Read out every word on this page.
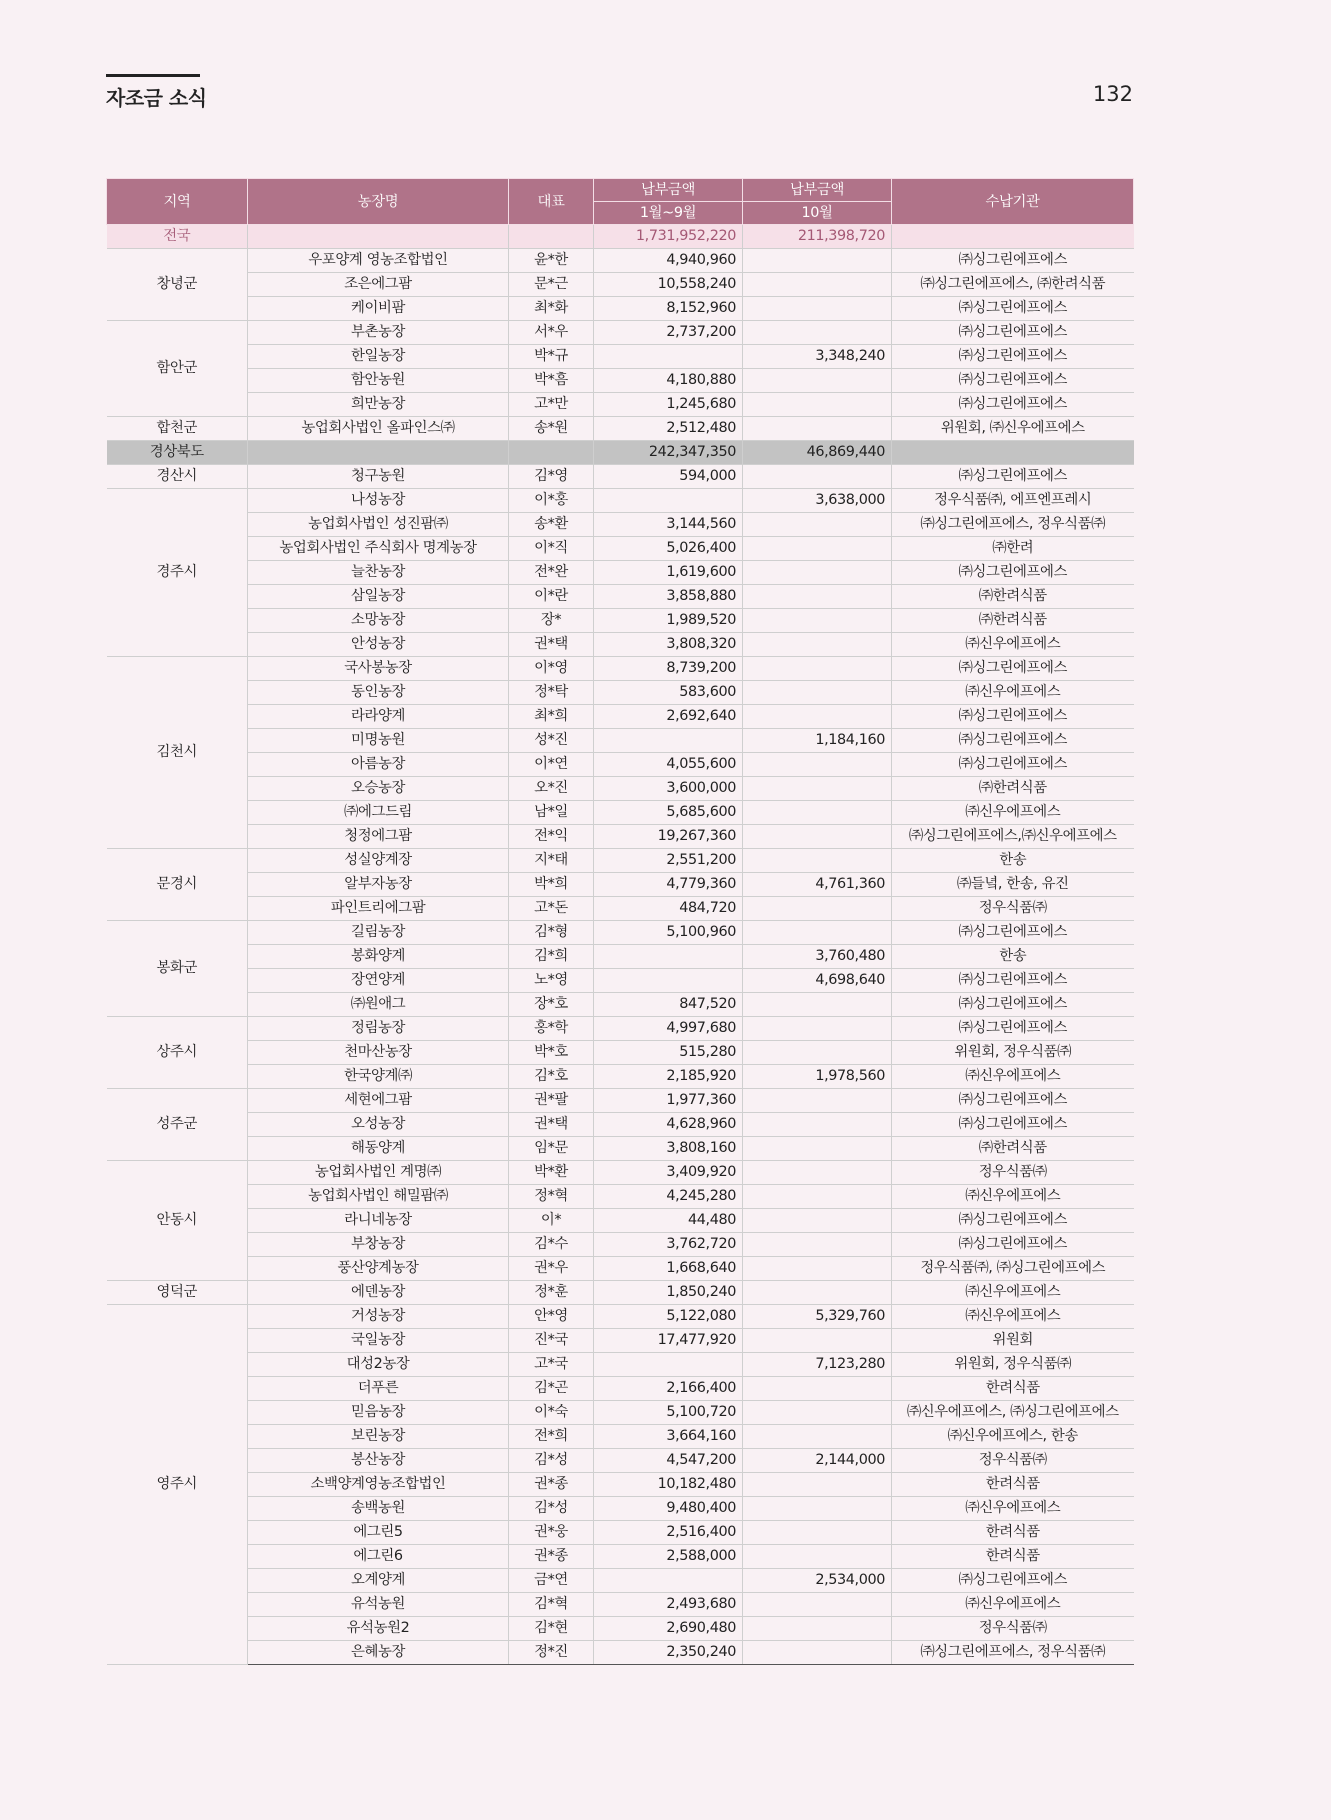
자조금 소식	132
지역	농장명	대표	납부금액	납부금액	수납기관
			1월~9월	10월	
전국			1,731,952,220	211,398,720	
창녕군	우포양계 영농조합법인	윤*한	4,940,960		㈜싱그린에프에스
	조은에그팜	문*근	10,558,240		㈜싱그린에프에스, ㈜한려식품
	케이비팜	최*화	8,152,960		㈜싱그린에프에스
함안군	부촌농장	서*우	2,737,200		㈜싱그린에프에스
	한일농장	박*규		3,348,240	㈜싱그린에프에스
	함안농원	박*흠	4,180,880		㈜싱그린에프에스
	희만농장	고*만	1,245,680		㈜싱그린에프에스
합천군	농업회사법인 올파인스㈜	송*원	2,512,480		위원회, ㈜신우에프에스
경상북도			242,347,350	46,869,440	
경산시	청구농원	김*영	594,000		㈜싱그린에프에스
경주시	나성농장	이*홍		3,638,000	정우식품㈜, 에프엔프레시
	농업회사법인 성진팜㈜	송*환	3,144,560		㈜싱그린에프에스, 정우식품㈜
	농업회사법인 주식회사 명계농장	이*직	5,026,400		㈜한려
	늘찬농장	전*완	1,619,600		㈜싱그린에프에스
	삼일농장	이*란	3,858,880		㈜한려식품
	소망농장	장*	1,989,520		㈜한려식품
	안성농장	권*택	3,808,320		㈜신우에프에스
김천시	국사봉농장	이*영	8,739,200		㈜싱그린에프에스
	동인농장	정*탁	583,600		㈜신우에프에스
	라라양계	최*희	2,692,640		㈜싱그린에프에스
	미명농원	성*진		1,184,160	㈜싱그린에프에스
	아름농장	이*연	4,055,600		㈜싱그린에프에스
	오승농장	오*진	3,600,000		㈜한려식품
	㈜에그드림	남*일	5,685,600		㈜신우에프에스
	청정에그팜	전*익	19,267,360		㈜싱그린에프에스,㈜신우에프에스
문경시	성실양계장	지*태	2,551,200		한송
	알부자농장	박*희	4,779,360	4,761,360	㈜들녘, 한송, 유진
	파인트리에그팜	고*돈	484,720		정우식품㈜
봉화군	길림농장	김*형	5,100,960		㈜싱그린에프에스
	봉화양계	김*희		3,760,480	한송
	장연양계	노*영		4,698,640	㈜싱그린에프에스
	㈜원애그	장*호	847,520		㈜싱그린에프에스
상주시	정림농장	홍*학	4,997,680		㈜싱그린에프에스
	천마산농장	박*호	515,280		위원회, 정우식품㈜
	한국양계㈜	김*호	2,185,920	1,978,560	㈜신우에프에스
성주군	세현에그팜	권*팔	1,977,360		㈜싱그린에프에스
	오성농장	권*택	4,628,960		㈜싱그린에프에스
	해동양계	임*문	3,808,160		㈜한려식품
안동시	농업회사법인 계명㈜	박*환	3,409,920		정우식품㈜
	농업회사법인 해밀팜㈜	정*혁	4,245,280		㈜신우에프에스
	라니네농장	이*	44,480		㈜싱그린에프에스
	부창농장	김*수	3,762,720		㈜싱그린에프에스
	풍산양계농장	권*우	1,668,640		정우식품㈜, ㈜싱그린에프에스
영덕군	에덴농장	정*훈	1,850,240		㈜신우에프에스
영주시	거성농장	안*영	5,122,080	5,329,760	㈜신우에프에스
	국일농장	진*국	17,477,920		위원회
	대성2농장	고*국		7,123,280	위원회, 정우식품㈜
	더푸른	김*곤	2,166,400		한려식품
	믿음농장	이*숙	5,100,720		㈜신우에프에스, ㈜싱그린에프에스
	보린농장	전*희	3,664,160		㈜신우에프에스, 한송
	봉산농장	김*성	4,547,200	2,144,000	정우식품㈜
	소백양계영농조합법인	권*종	10,182,480		한려식품
	송백농원	김*성	9,480,400		㈜신우에프에스
	에그린5	권*웅	2,516,400		한려식품
	에그린6	권*종	2,588,000		한려식품
	오계양계	금*연		2,534,000	㈜싱그린에프에스
	유석농원	김*혁	2,493,680		㈜신우에프에스
	유석농원2	김*현	2,690,480		정우식품㈜
	은혜농장	정*진	2,350,240		㈜싱그린에프에스, 정우식품㈜
